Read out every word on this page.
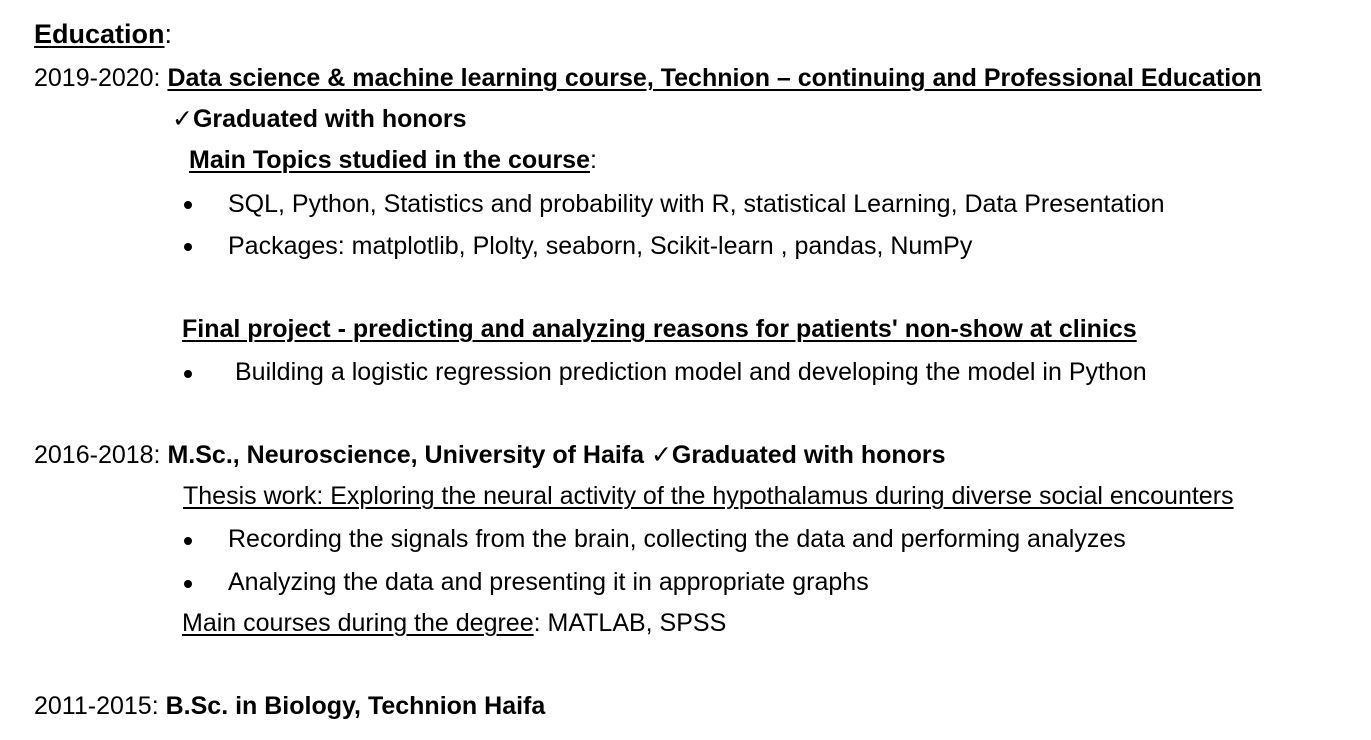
Education:
2019-2020: Data science & machine learning course, Technion – continuing and Professional Education
✓Graduated with honors
Main Topics studied in the course:
SQL, Python, Statistics and probability with R, statistical Learning, Data Presentation
Packages: matplotlib, Plolty, seaborn, Scikit-learn , pandas, NumPy
Final project - predicting and analyzing reasons for patients' non-show at clinics
Building a logistic regression prediction model and developing the model in Python
2016-2018: M.Sc., Neuroscience, University of Haifa ✓Graduated with honors
Thesis work: Exploring the neural activity of the hypothalamus during diverse social encounters
Recording the signals from the brain, collecting the data and performing analyzes
Analyzing the data and presenting it in appropriate graphs
Main courses during the degree: MATLAB, SPSS
2011-2015: B.Sc. in Biology, Technion Haifa
